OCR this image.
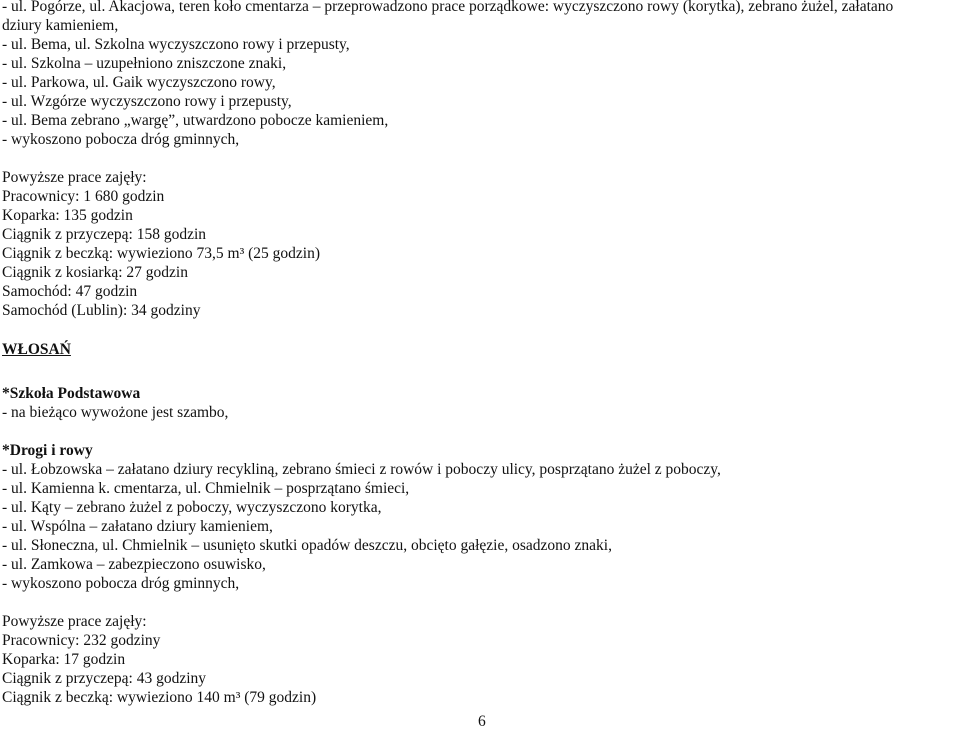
- ul. Pogórze, ul. Akacjowa, teren koło cmentarza – przeprowadzono prace porządkowe: wyczyszczono rowy (korytka), zebrano żużel, załatano
dziury kamieniem,
- ul. Bema, ul. Szkolna wyczyszczono rowy i przepusty,
- ul. Szkolna – uzupełniono zniszczone znaki,
- ul. Parkowa, ul. Gaik wyczyszczono rowy,
- ul. Wzgórze wyczyszczono rowy i przepusty,
- ul. Bema zebrano „wargę”, utwardzono pobocze kamieniem,
- wykoszono pobocza dróg gminnych,
Powyższe prace zajęły:
Pracownicy: 1 680 godzin
Koparka: 135 godzin
Ciągnik z przyczepą: 158 godzin
Ciągnik z beczką: wywieziono 73,5 m³ (25 godzin)
Ciągnik z kosiarką: 27 godzin
Samochód: 47 godzin
Samochód (Lublin): 34 godziny
WŁOSAŃ
*Szkoła Podstawowa
- na bieżąco wywożone jest szambo,
*Drogi i rowy
- ul. Łobzowska – załatano dziury recykliną, zebrano śmieci z rowów i poboczy ulicy, posprzątano żużel z poboczy,
- ul. Kamienna k. cmentarza, ul. Chmielnik – posprzątano śmieci,
- ul. Kąty – zebrano żużel z poboczy, wyczyszczono korytka,
- ul. Wspólna – załatano dziury kamieniem,
- ul. Słoneczna, ul. Chmielnik – usunięto skutki opadów deszczu, obcięto gałęzie, osadzono znaki,
- ul. Zamkowa – zabezpieczono osuwisko,
- wykoszono pobocza dróg gminnych,
Powyższe prace zajęły:
Pracownicy: 232 godziny
Koparka: 17 godzin
Ciągnik z przyczepą: 43 godziny
Ciągnik z beczką: wywieziono 140 m³ (79 godzin)
6
